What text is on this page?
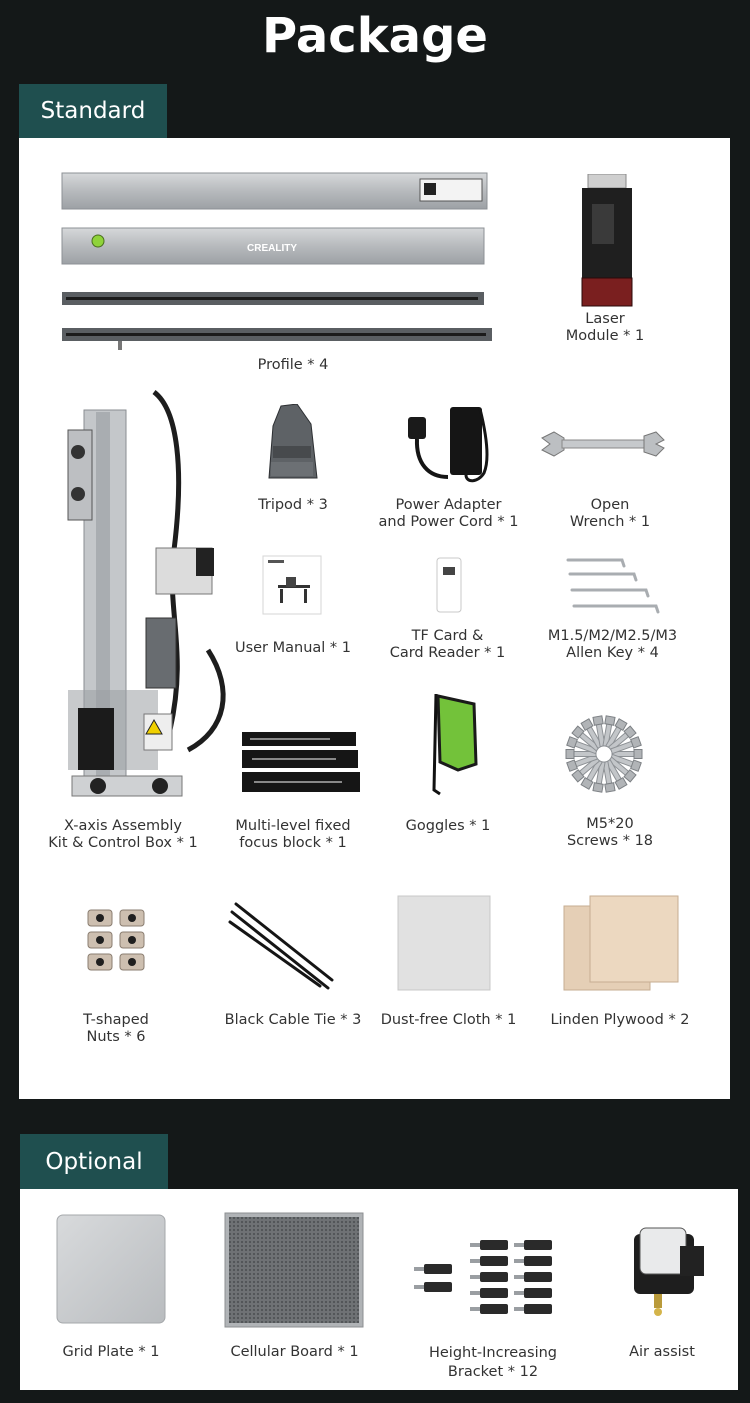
Package
Standard
CREALITY
Profile * 4
Laser
Module * 1
X-axis Assembly
Kit & Control Box * 1
Tripod * 3	Power Adapter
and Power Cord * 1
Open
Wrench * 1
User Manual * 1
TF Card &
Card Reader * 1
M1.5/M2/M2.5/M3
Allen Key * 4
Multi-level fixed
focus block * 1
Goggles * 1	M5*20
Screws * 18
T-shaped
Nuts * 6
Black Cable Tie * 3	Dust-free Cloth * 1	Linden Plywood * 2
Optional
Grid Plate * 1	Cellular Board * 1	Height-Increasing
Bracket * 12
Air assist
